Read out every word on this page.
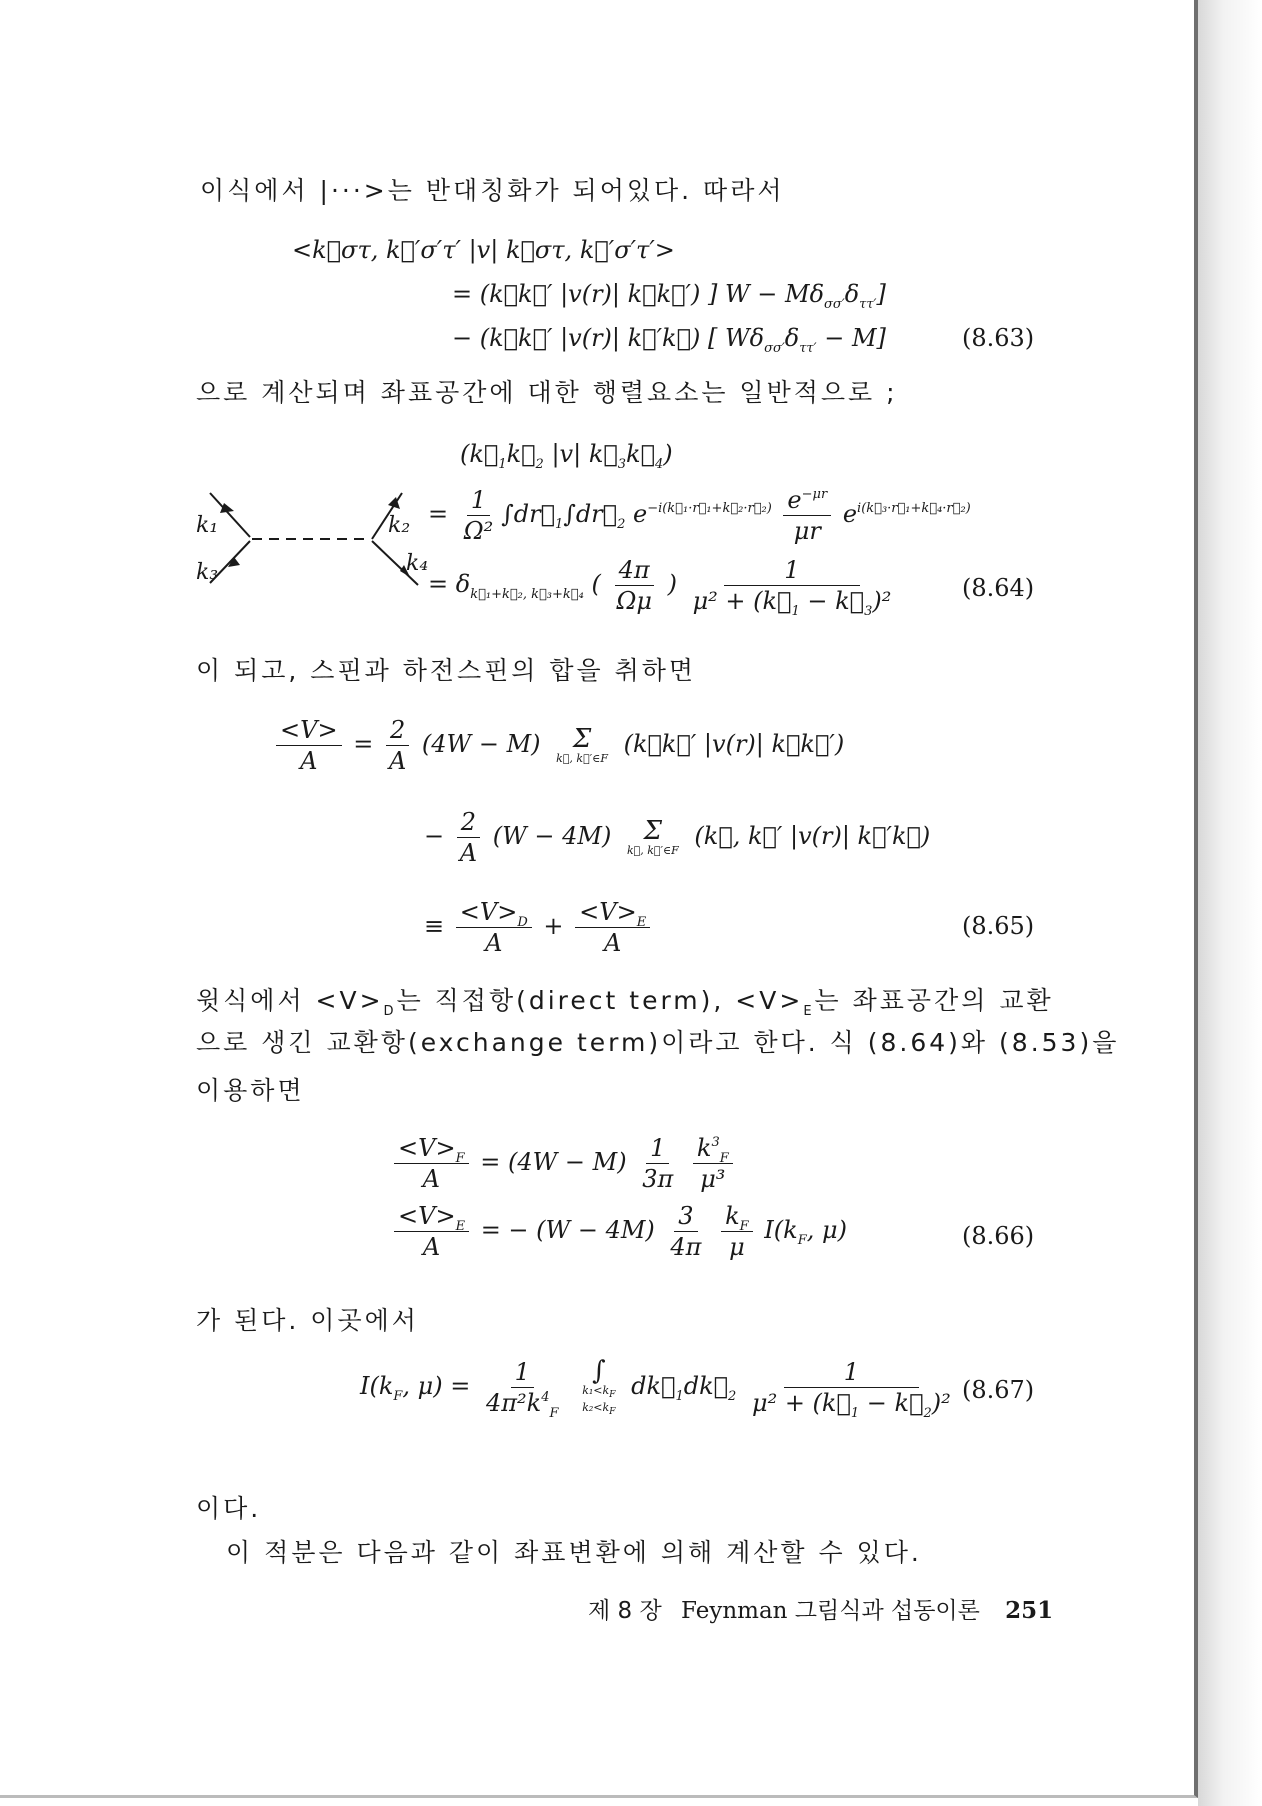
이식에서 |···>는 반대칭화가 되어있다. 따라서
<k⃗στ, k⃗′σ′τ′ |v| k⃗στ, k⃗′σ′τ′>
= (k⃗k⃗′ |v(r)| k⃗k⃗′) ] $W - M\delta_{\sigma\sigma'}\delta_{\tau\tau'}$]
− (k⃗k⃗′ |v(r)| k⃗′k⃗) [ $W\delta_{\sigma\sigma'}\delta_{\tau\tau'} - M$]	(8.63)
으로 계산되며 좌표공간에 대한 행렬요소는 일반적으로 ;
($k⃗_1k⃗_2$ |v| $k⃗_3k⃗_4$)
k₁
k₃
k₂
k₄
= $\frac{1}{\text{Ω²}}$ $\int dr⃗_1\int dr⃗_2$ $e^{-i(k⃗_1\cdot r⃗_1+k⃗_2\cdot r⃗_2)} \frac{e^{-\mu r}}{\mu r} e^{i(k⃗_3\cdot r⃗_1+k⃗_4\cdot r⃗_2)}$
= $\delta_{k⃗_1+k⃗_2, k⃗_3+k⃗_4}$ ( $\frac{4\pi}{\Omega\mu}$ ) $\frac{1}{\mu^2 + (k⃗_1 - k⃗_3)^2}$	(8.64)
이 되고, 스핀과 하전스핀의 합을 취하면
$\frac{<V>}{A} = \frac{2}{A} (4W - M)$ Σ
k⃗, k⃗′∈F
(k⃗k⃗′ |v(r)| k⃗k⃗′)
− $\frac{2}{A} (W - 4M)$ Σ
k⃗, k⃗′∈F
(k⃗, k⃗′ |v(r)| k⃗′k⃗)
≡ $\frac{<V>_D}{A} + \frac{<V>_E}{A}$	(8.65)
윗식에서 $<V>_D$는 직접항(direct term), $<V>_E$는 좌표공간의 교환
으로 생긴 교환항(exchange term)이라고 한다. 식 (8.64)와 (8.53)을
이용하면
$\frac{<V>_F}{A} = (4W - M) \frac{1}{3\pi}$
$\frac{k^3_F}{\text{μ³}}$
$\frac{<V>_E}{A}$ = − $(W - 4M) \frac{3}{4\pi}$
$\frac{k_F}{\mu} I(k_F$, μ)	(8.66)
가 된다. 이곳에서
$I(k_F$, $\mu) = \frac{1}{4\pi^2k^4_F}$
∫
$k_1<k_F$
$k_2<k_F$
$dk⃗_1dk⃗_2 \frac{1}{\mu^2 + (k⃗_1 - k⃗_2)^2} (8.67)$
이다.
이 적분은 다음과 같이 좌표변환에 의해 계산할 수 있다.
제 8 장 Feynman 그림식과 섭동이론 251
